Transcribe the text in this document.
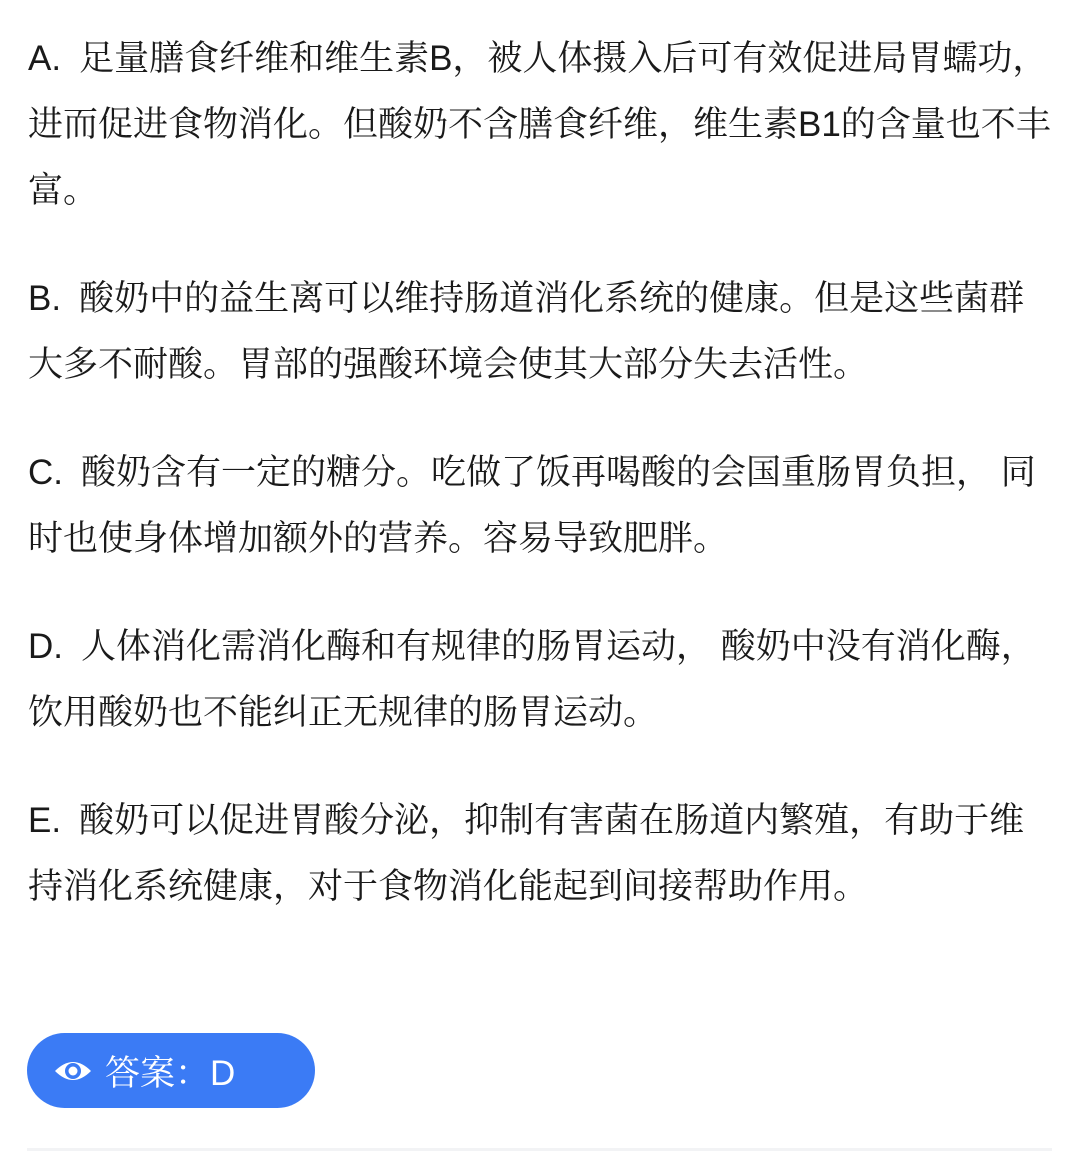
A. 足量膳食纤维和维生素B，被人体摄入后可有效促进局胃蠕功，进而促进食物消化。但酸奶不含膳食纤维，维生素B1的含量也不丰富。

B. 酸奶中的益生离可以维持肠道消化系统的健康。但是这些菌群大多不耐酸。胃部的强酸环境会使其大部分失去活性。

C. 酸奶含有一定的糖分。吃做了饭再喝酸的会国重肠胃负担， 同时也使身体增加额外的营养。容易导致肥胖。

D. 人体消化需消化酶和有规律的肠胃运动， 酸奶中没有消化酶，饮用酸奶也不能纠正无规律的肠胃运动。

E. 酸奶可以促进胃酸分泌，抑制有害菌在肠道内繁殖，有助于维持消化系统健康，对于食物消化能起到间接帮助作用。

答案：D
